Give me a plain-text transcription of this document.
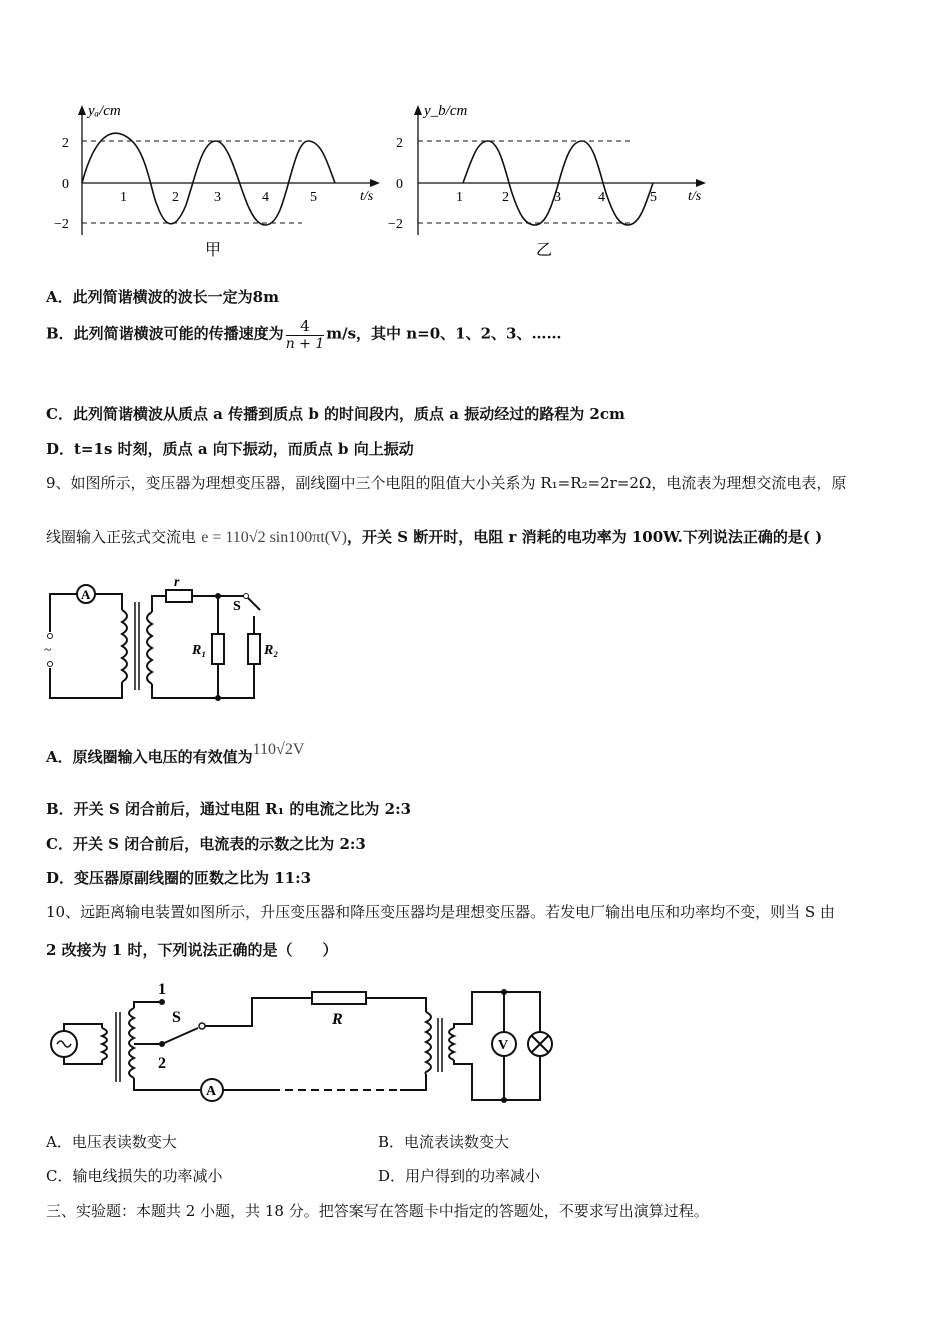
yₐ/cm
2
0
−2
1	2	3	4	5	t/s
甲
y_b/cm
2
0
−2
1	2	3	4	5 t/s
乙
A．此列简谐横波的波长一定为8m
B．此列简谐横波可能的传播速度为 $\frac{4}{n + 1} m/s$，其中 n=0、1、2、3、……
C．此列简谐横波从质点 a 传播到质点 b 的时间段内，质点 a 振动经过的路程为 2cm
D．t=1s 时刻，质点 a 向下振动，而质点 b 向上振动
9、如图所示，变压器为理想变压器，副线圈中三个电阻的阻值大小关系为 R₁=R₂=2r=2Ω，电流表为理想交流电表，原
线圈输入正弦式交流电 e = 110√2 sin100πt(V)，开关 S 断开时，电阻 r 消耗的电功率为 100W.下列说法正确的是( )
A
~
r
S
R₁	R₂
A．原线圈输入电压的有效值为110√2V
B．开关 S 闭合前后，通过电阻 R₁ 的电流之比为 2:3
C．开关 S 闭合前后，电流表的示数之比为 2:3
D．变压器原副线圈的匝数之比为 11:3
10、远距离输电装置如图所示，升压变压器和降压变压器均是理想变压器。若发电厂输出电压和功率均不变，则当 S 由
2 改接为 1 时，下列说法正确的是（　　）
1
2
S	R
A
V
A．电压表读数变大	B．电流表读数变大
C．输电线损失的功率减小	D．用户得到的功率减小
三、实验题：本题共 2 小题，共 18 分。把答案写在答题卡中指定的答题处，不要求写出演算过程。
